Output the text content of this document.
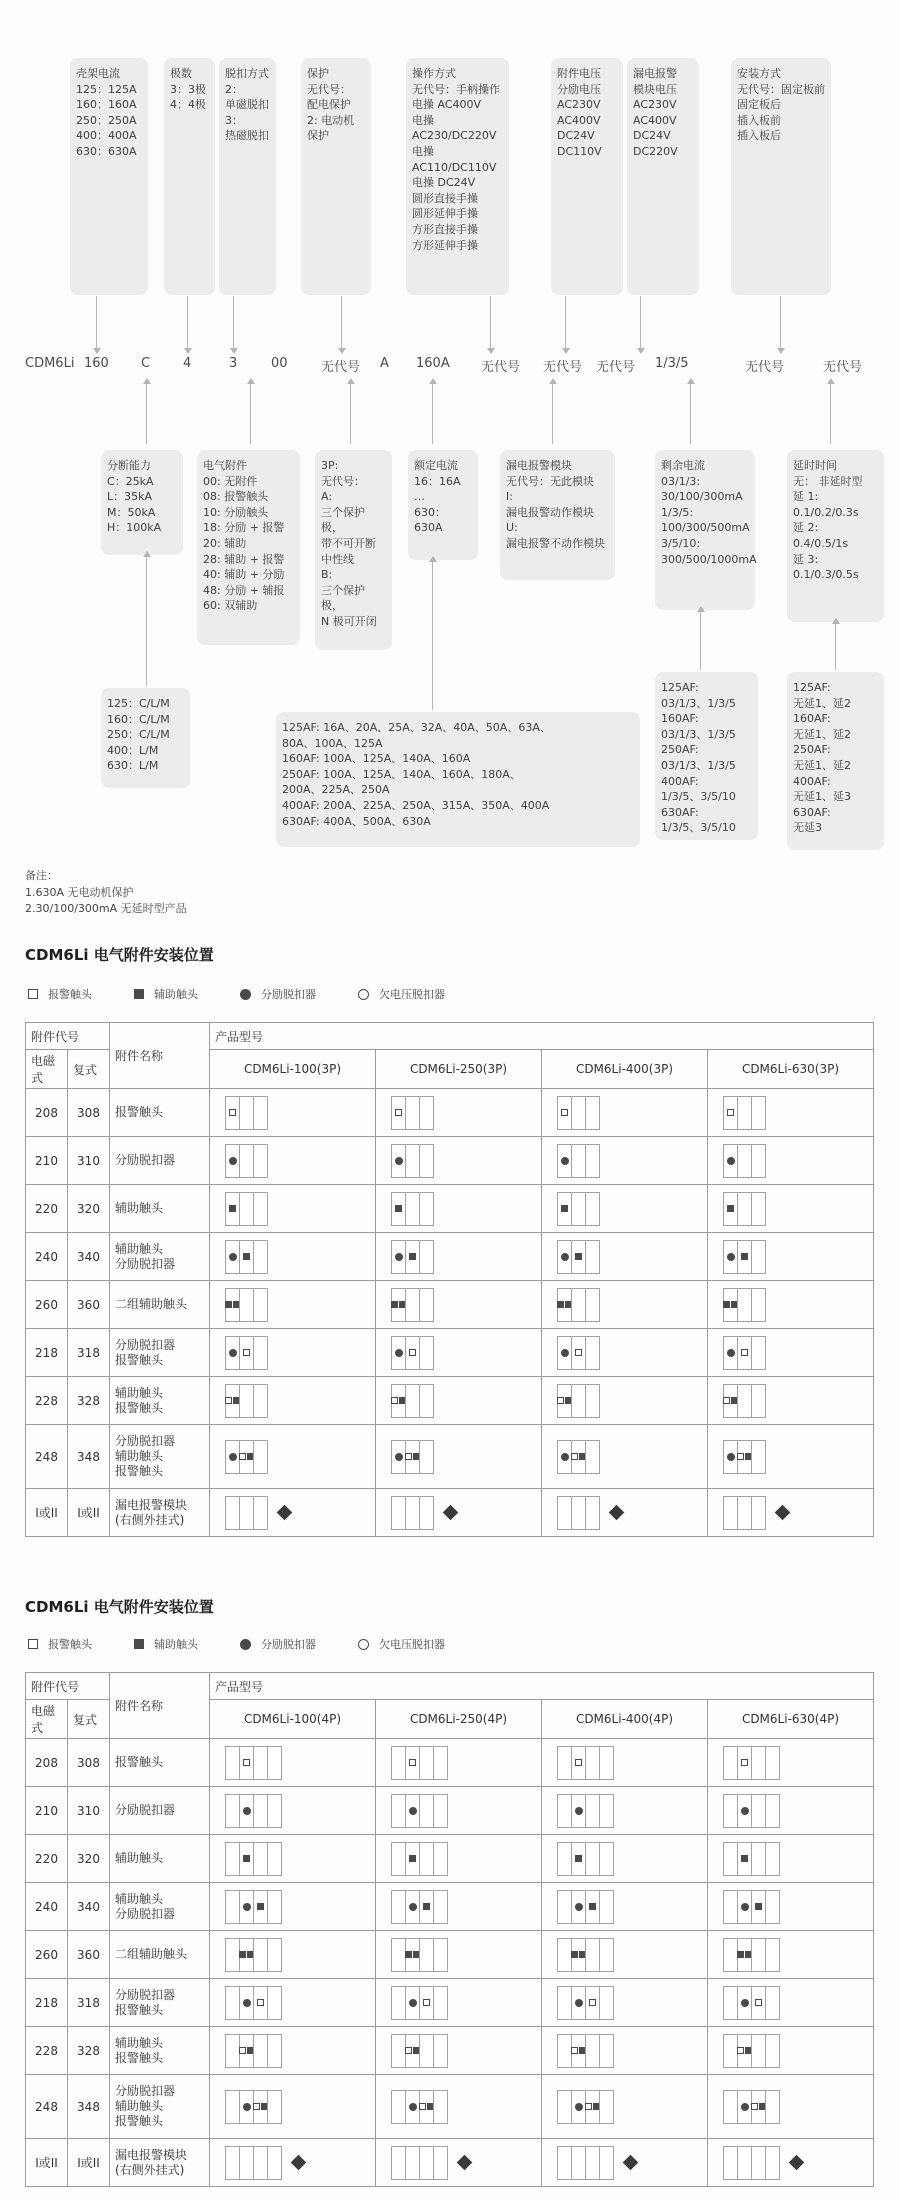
壳架电流
125：125A
160：160A
250：250A
400：400A
630：630A
极数
3：3极
4：4极
脱扣方式
2：
单磁脱扣
3：
热磁脱扣
保护
无代号：
配电保护
2: 电动机保护
操作方式
无代号：手柄操作
电操 AC400V
电操AC230/DC220V
电操AC110/DC110V
电操 DC24V
圆形直接手操
圆形延伸手操
方形直接手操
方形延伸手操
附件电压
分励电压
AC230V
AC400V
DC24V
DC110V
漏电报警
模块电压
AC230V
AC400V
DC24V
DC220V
安装方式
无代号：固定板前
固定板后
插入板前
插入板后
CDM6Li 160 C	4	3	00	无代号 A 160A 无代号 无代号 无代号 1/3/5	无代号	无代号
分断能力
C：25kA
L：35kA
M：50kA
H：100kA
电气附件
00: 无附件
08: 报警触头
10: 分励触头
18: 分励 + 报警
20: 辅助
28: 辅助 + 报警
40: 辅助 + 分励
48: 分励 + 辅报
60: 双辅助
3P:
无代号：
A:
三个保护极，
带不可开断
中性线
B:
三个保护极，
N 极可开闭
额定电流
16：16A
…
630：630A
漏电报警模块
无代号：无此模块
I:
漏电报警动作模块
U:
漏电报警不动作模块
剩余电流
03/1/3:
30/100/300mA
1/3/5:
100/300/500mA
3/5/10:
300/500/1000mA
延时时间
无： 非延时型
延 1:
0.1/0.2/0.3s
延 2:
0.4/0.5/1s
延 3:
0.1/0.3/0.5s
125：C/L/M
160：C/L/M
250：C/L/M
400：L/M
630：L/M
125AF: 16A、20A、25A、32A、40A、50A、63A、
80A、100A、125A
160AF: 100A、125A、140A、160A
250AF: 100A、125A、140A、160A、180A、
200A、225A、250A
400AF: 200A、225A、250A、315A、350A、400A
630AF: 400A、500A、630A
125AF:
03/1/3、1/3/5
160AF:
03/1/3、1/3/5
250AF:
03/1/3、1/3/5
400AF:
1/3/5、3/5/10
630AF:
1/3/5、3/5/10
125AF:
无延1、延2
160AF:
无延1、延2
250AF:
无延1、延2
400AF:
无延1、延3
630AF:
无延3
备注：
1.630A 无电动机保护
2.30/100/300mA 无延时型产品
CDM6Li 电气附件安装位置
报警触头	辅助触头	分励脱扣器	欠电压脱扣器
附件代号		附件名称	产品型号			
电磁式	复式		CDM6Li-100(3P)	CDM6Li-250(3P)	CDM6Li-400(3P)	CDM6Li-630(3P)
208	308	报警触头				

210	310	分励脱扣器				

220	320	辅助触头				

240	340	辅助触头
分励脱扣器				

260	360	二组辅助触头				

218	318	分励脱扣器
报警触头				

228	328	辅助触头
报警触头				

248	348	分励脱扣器
辅助触头
报警触头				

I或II	I或II	漏电报警模块
(右侧外挂式)				

CDM6Li 电气附件安装位置
报警触头	辅助触头	分励脱扣器	欠电压脱扣器
附件代号		附件名称	产品型号			
电磁式	复式		CDM6Li-100(4P)	CDM6Li-250(4P)	CDM6Li-400(4P)	CDM6Li-630(4P)
208	308	报警触头				

210	310	分励脱扣器				

220	320	辅助触头				

240	340	辅助触头
分励脱扣器				

260	360	二组辅助触头				

218	318	分励脱扣器
报警触头				

228	328	辅助触头
报警触头				

248	348	分励脱扣器
辅助触头
报警触头				

I或II	I或II	漏电报警模块
(右侧外挂式)				
